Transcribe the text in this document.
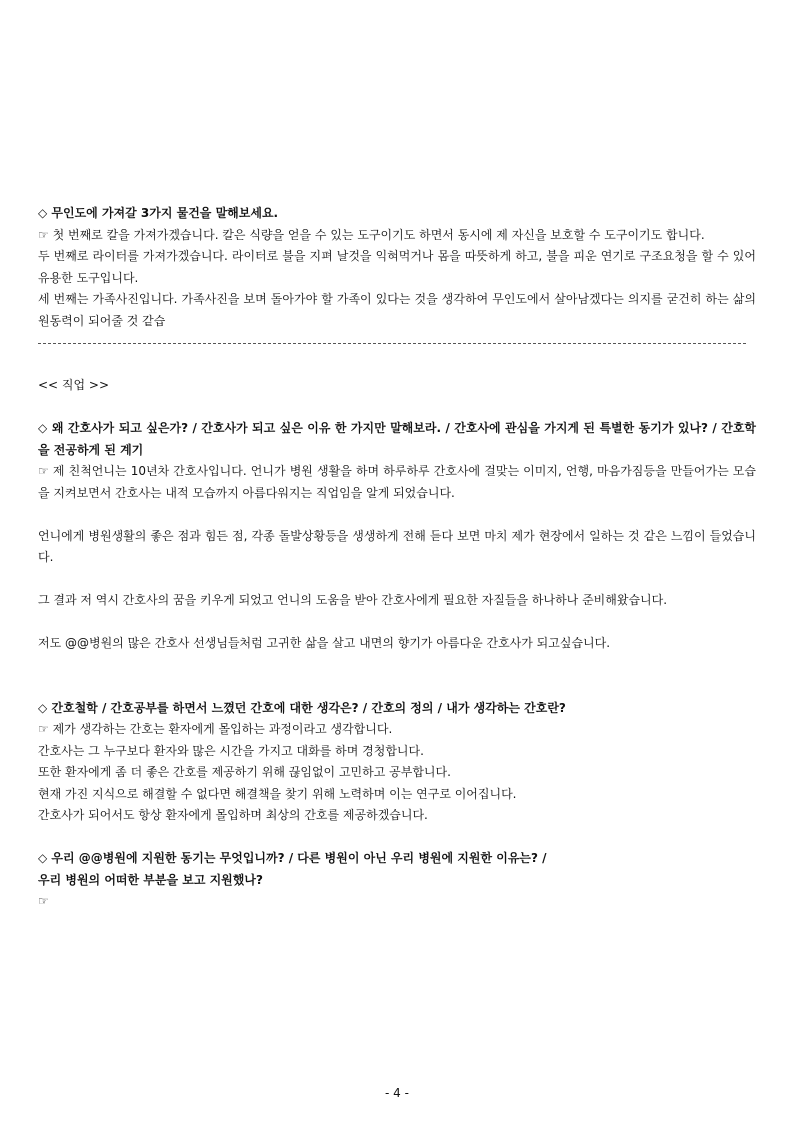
◇ 무인도에 가져갈 3가지 물건을 말해보세요.
☞ 첫 번째로 칼을 가져가겠습니다. 칼은 식량을 얻을 수 있는 도구이기도 하면서 동시에 제 자신을 보호할 수 도구이기도 합니다.
두 번째로 라이터를 가져가겠습니다. 라이터로 불을 지펴 날것을 익혀먹거나 몸을 따뜻하게 하고, 불을 피운 연기로 구조요청을 할 수 있어 유용한 도구입니다.
세 번째는 가족사진입니다. 가족사진을 보며 돌아가야 할 가족이 있다는 것을 생각하여 무인도에서 살아남겠다는 의지를 굳건히 하는 삶의 원동력이 되어줄 것 같습
<< 직업 >>
◇ 왜 간호사가 되고 싶은가? / 간호사가 되고 싶은 이유 한 가지만 말해보라. / 간호사에 관심을 가지게 된 특별한 동기가 있나? / 간호학을 전공하게 된 계기
☞ 제 친척언니는 10년차 간호사입니다. 언니가 병원 생활을 하며 하루하루 간호사에 걸맞는 이미지, 언행, 마음가짐등을 만들어가는 모습을 지켜보면서 간호사는 내적 모습까지 아름다워지는 직업임을 알게 되었습니다.
언니에게 병원생활의 좋은 점과 힘든 점, 각종 돌발상황등을 생생하게 전해 듣다 보면 마치 제가 현장에서 일하는 것 같은 느낌이 들었습니다.
그 결과 저 역시 간호사의 꿈을 키우게 되었고 언니의 도움을 받아 간호사에게 필요한 자질들을 하나하나 준비해왔습니다.
저도 @@병원의 많은 간호사 선생님들처럼 고귀한 삶을 살고 내면의 향기가 아름다운 간호사가 되고싶습니다.
◇ 간호철학 / 간호공부를 하면서 느꼈던 간호에 대한 생각은? / 간호의 정의 / 내가 생각하는 간호란?
☞ 제가 생각하는 간호는 환자에게 몰입하는 과정이라고 생각합니다.
간호사는 그 누구보다 환자와 많은 시간을 가지고 대화를 하며 경청합니다.
또한 환자에게 좀 더 좋은 간호를 제공하기 위해 끊임없이 고민하고 공부합니다.
현재 가진 지식으로 해결할 수 없다면 해결책을 찾기 위해 노력하며 이는 연구로 이어집니다.
간호사가 되어서도 항상 환자에게 몰입하며 최상의 간호를 제공하겠습니다.
◇ 우리 @@병원에 지원한 동기는 무엇입니까? / 다른 병원이 아닌 우리 병원에 지원한 이유는? /
우리 병원의 어떠한 부분을 보고 지원했나?
☞
- 4 -
